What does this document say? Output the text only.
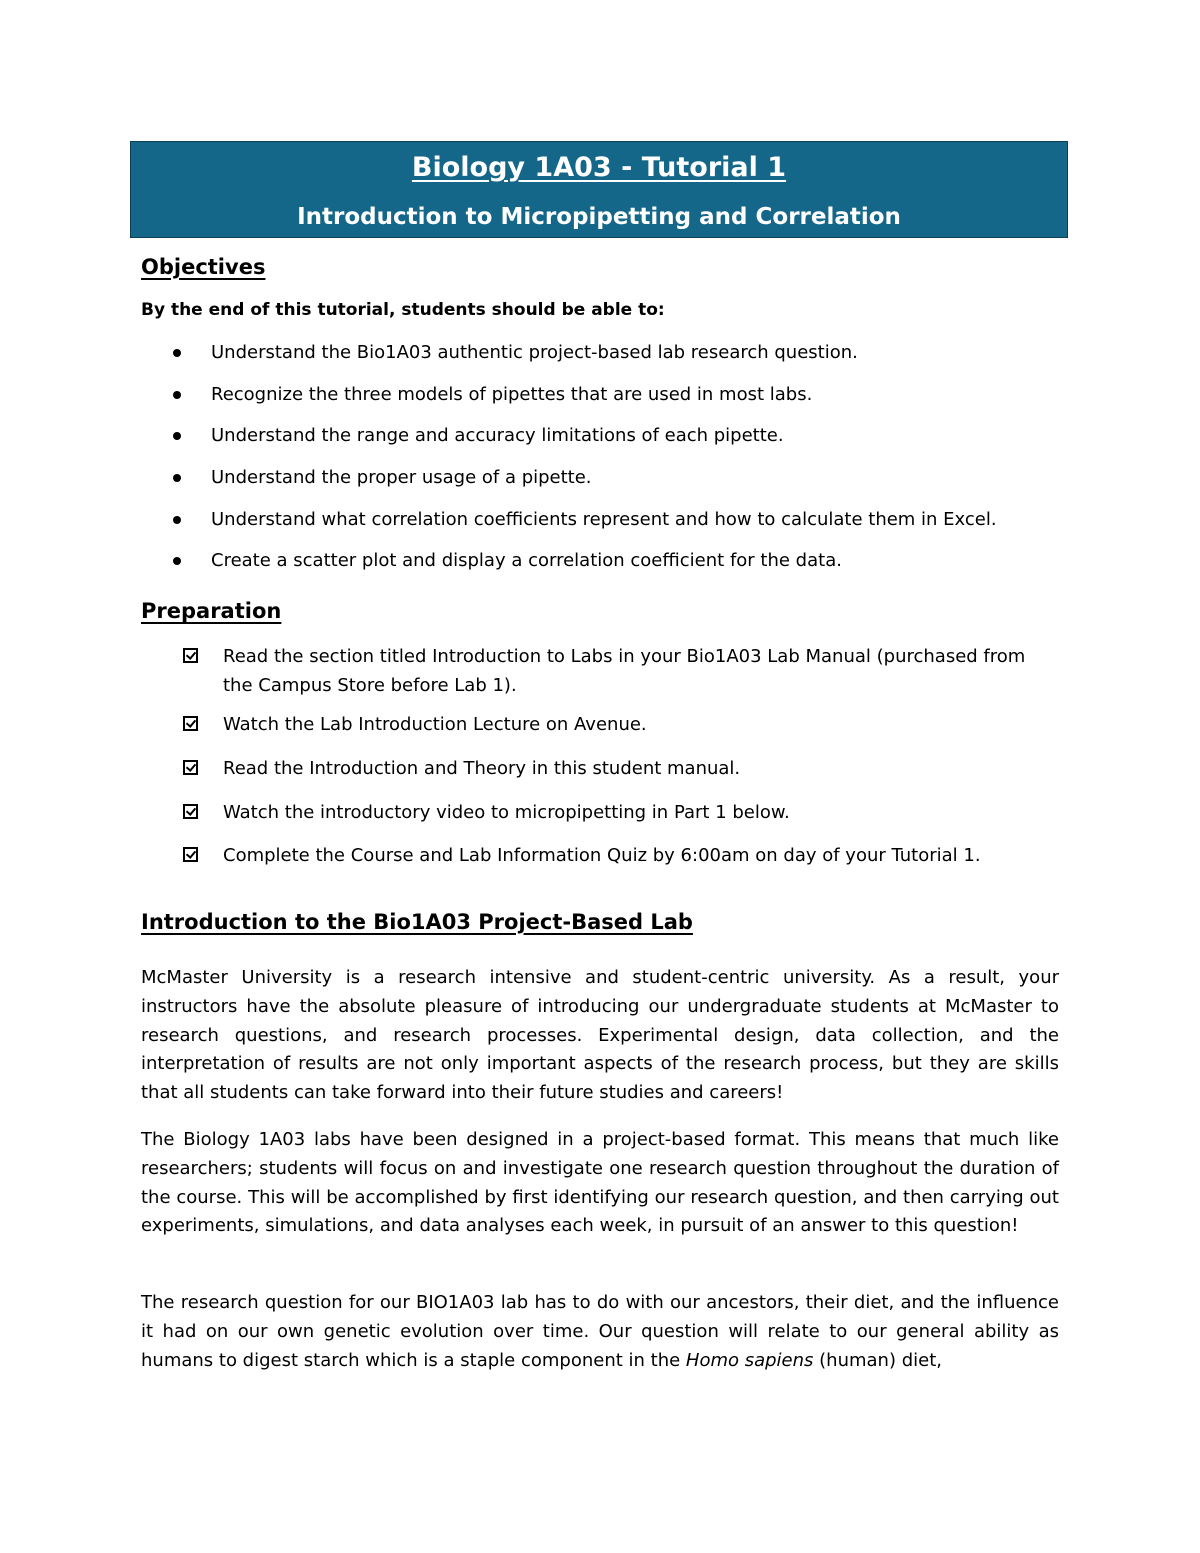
Biology 1A03 - Tutorial 1
Introduction to Micropipetting and Correlation
Objectives
By the end of this tutorial, students should be able to:
Understand the Bio1A03 authentic project-based lab research question.
Recognize the three models of pipettes that are used in most labs.
Understand the range and accuracy limitations of each pipette.
Understand the proper usage of a pipette.
Understand what correlation coefficients represent and how to calculate them in Excel.
Create a scatter plot and display a correlation coefficient for the data.
Preparation
Read the section titled Introduction to Labs in your Bio1A03 Lab Manual (purchased from the Campus Store before Lab 1).
Watch the Lab Introduction Lecture on Avenue.
Read the Introduction and Theory in this student manual.
Watch the introductory video to micropipetting in Part 1 below.
Complete the Course and Lab Information Quiz by 6:00am on day of your Tutorial 1.
Introduction to the Bio1A03 Project-Based Lab

McMaster University is a research intensive and student-centric university. As a result, your instructors have the absolute pleasure of introducing our undergraduate students at McMaster to research questions, and research processes. Experimental design, data collection, and the interpretation of results are not only important aspects of the research process, but they are skills that all students can take forward into their future studies and careers!

The Biology 1A03 labs have been designed in a project-based format. This means that much like researchers; students will focus on and investigate one research question throughout the duration of the course. This will be accomplished by first identifying our research question, and then carrying out experiments, simulations, and data analyses each week, in pursuit of an answer to this question!

The research question for our BIO1A03 lab has to do with our ancestors, their diet, and the influence it had on our own genetic evolution over time. Our question will relate to our general ability as humans to digest starch which is a staple component in the Homo sapiens (human) diet,
